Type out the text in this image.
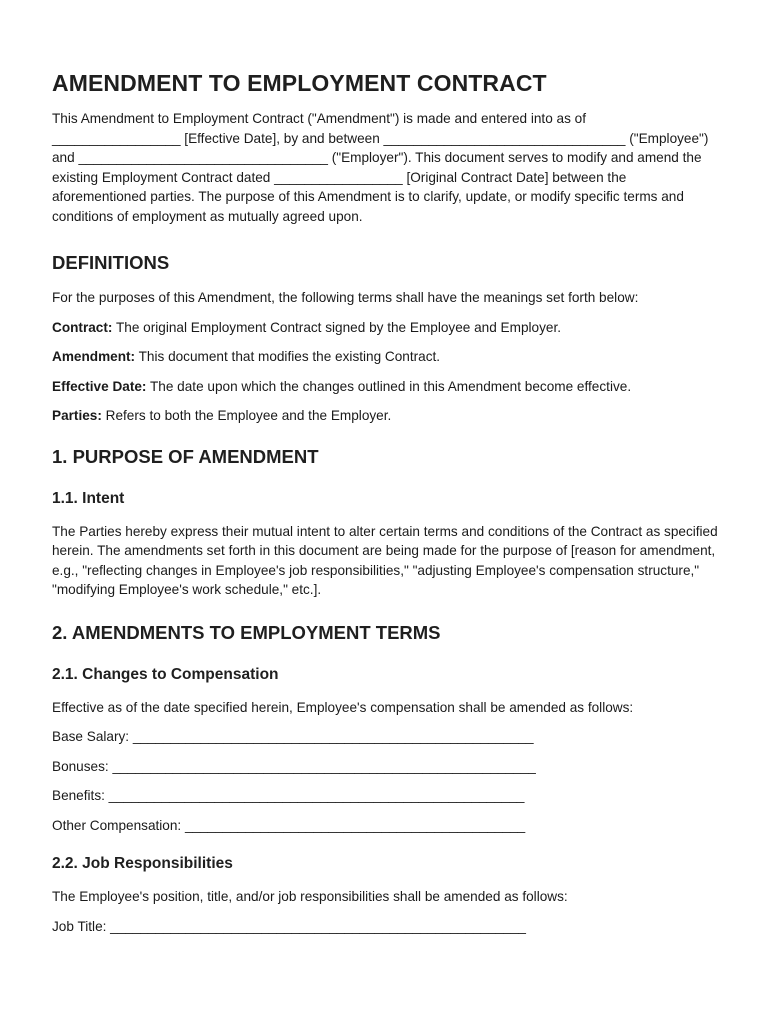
AMENDMENT TO EMPLOYMENT CONTRACT

This Amendment to Employment Contract ("Amendment") is made and entered into as of _________________ [Effective Date], by and between ________________________________ ("Employee") and _________________________________ ("Employer"). This document serves to modify and amend the existing Employment Contract dated _________________ [Original Contract Date] between the aforementioned parties. The purpose of this Amendment is to clarify, update, or modify specific terms and conditions of employment as mutually agreed upon.

DEFINITIONS

For the purposes of this Amendment, the following terms shall have the meanings set forth below:

Contract: The original Employment Contract signed by the Employee and Employer.

Amendment: This document that modifies the existing Contract.

Effective Date: The date upon which the changes outlined in this Amendment become effective.

Parties: Refers to both the Employee and the Employer.

1. PURPOSE OF AMENDMENT
1.1. Intent

The Parties hereby express their mutual intent to alter certain terms and conditions of the Contract as specified herein. The amendments set forth in this document are being made for the purpose of [reason for amendment, e.g., "reflecting changes in Employee's job responsibilities," "adjusting Employee's compensation structure," "modifying Employee's work schedule," etc.].

2. AMENDMENTS TO EMPLOYMENT TERMS
2.1. Changes to Compensation

Effective as of the date specified herein, Employee's compensation shall be amended as follows:

Base Salary: _____________________________________________________

Bonuses: ________________________________________________________

Benefits: _______________________________________________________

Other Compensation: _____________________________________________

2.2. Job Responsibilities

The Employee's position, title, and/or job responsibilities shall be amended as follows:

Job Title: _______________________________________________________
